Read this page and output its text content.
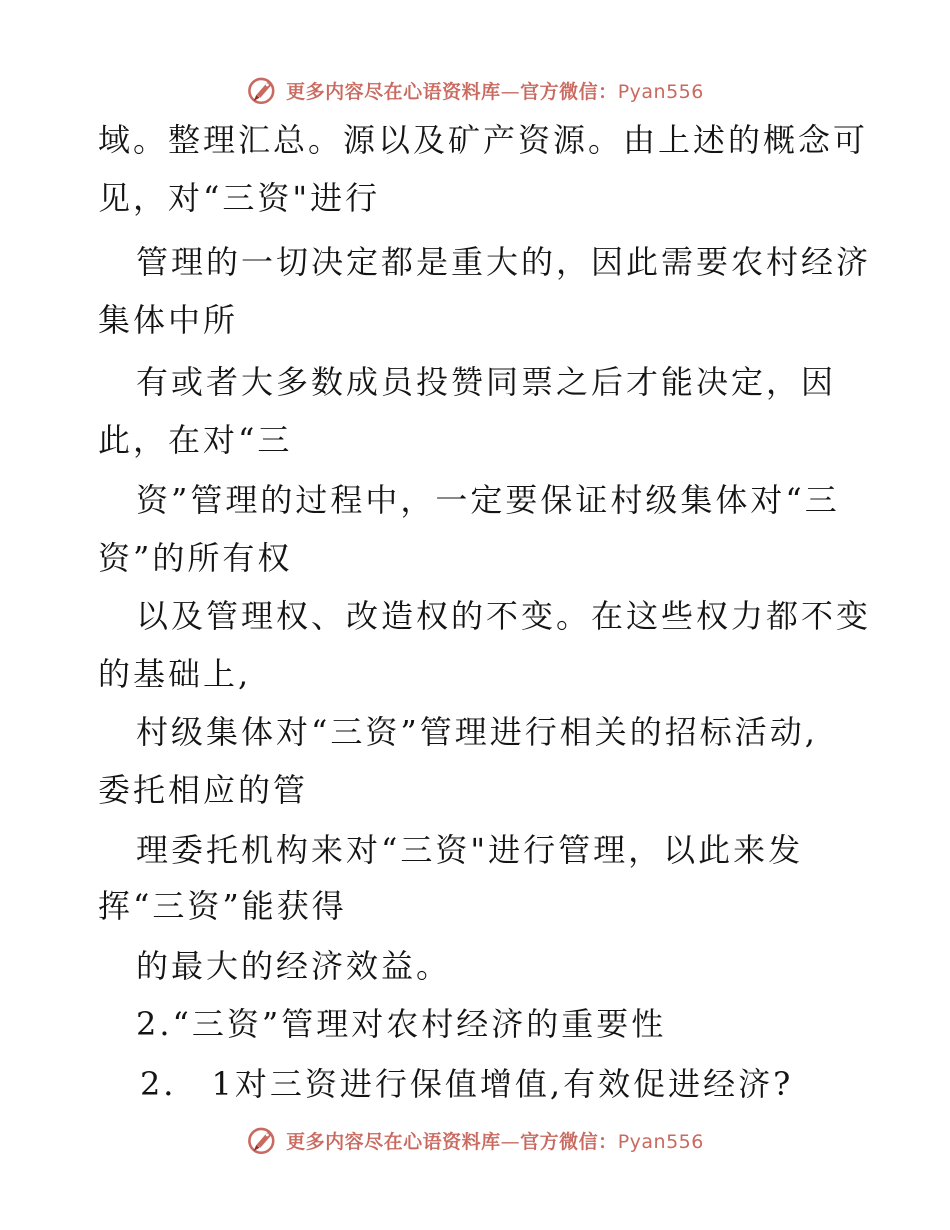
更多内容尽在心语资料库—官方微信：Pyan556
域。整理汇总。源以及矿产资源。由上述的概念可
见，对“三资"进行
管理的一切决定都是重大的，因此需要农村经济
集体中所
有或者大多数成员投赞同票之后才能决定，因
此，在对“三
资”管理的过程中，一定要保证村级集体对“三
资”的所有权
以及管理权、改造权的不变。在这些权力都不变
的基础上,
村级集体对“三资”管理进行相关的招标活动,
委托相应的管
理委托机构来对“三资"进行管理，以此来发
挥“三资”能获得
的最大的经济效益。
2.“三资”管理对农村经济的重要性
2． 1对三资进行保值增值,有效促进经济?
更多内容尽在心语资料库—官方微信：Pyan556
